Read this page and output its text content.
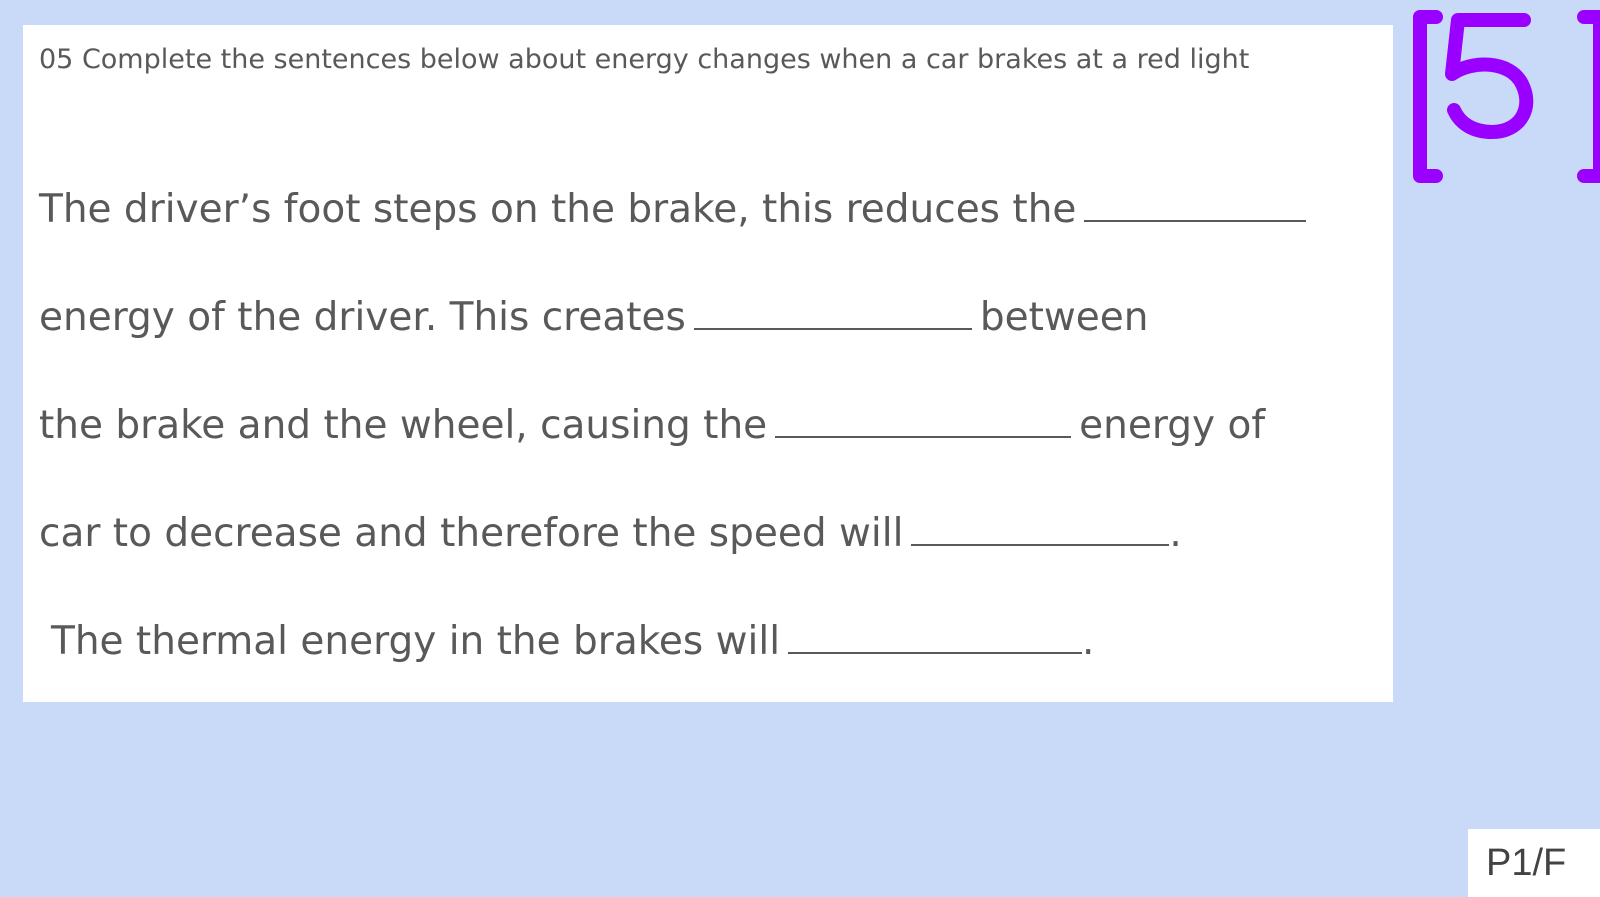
05 Complete the sentences below about energy changes when a car brakes at a red light

The driver’s foot steps on the brake, this reduces the
energy of the driver. This creates	between
the brake and the wheel, causing the	energy of
car to decrease and therefore the speed will	.
The thermal energy in the brakes will	.
P1/F
